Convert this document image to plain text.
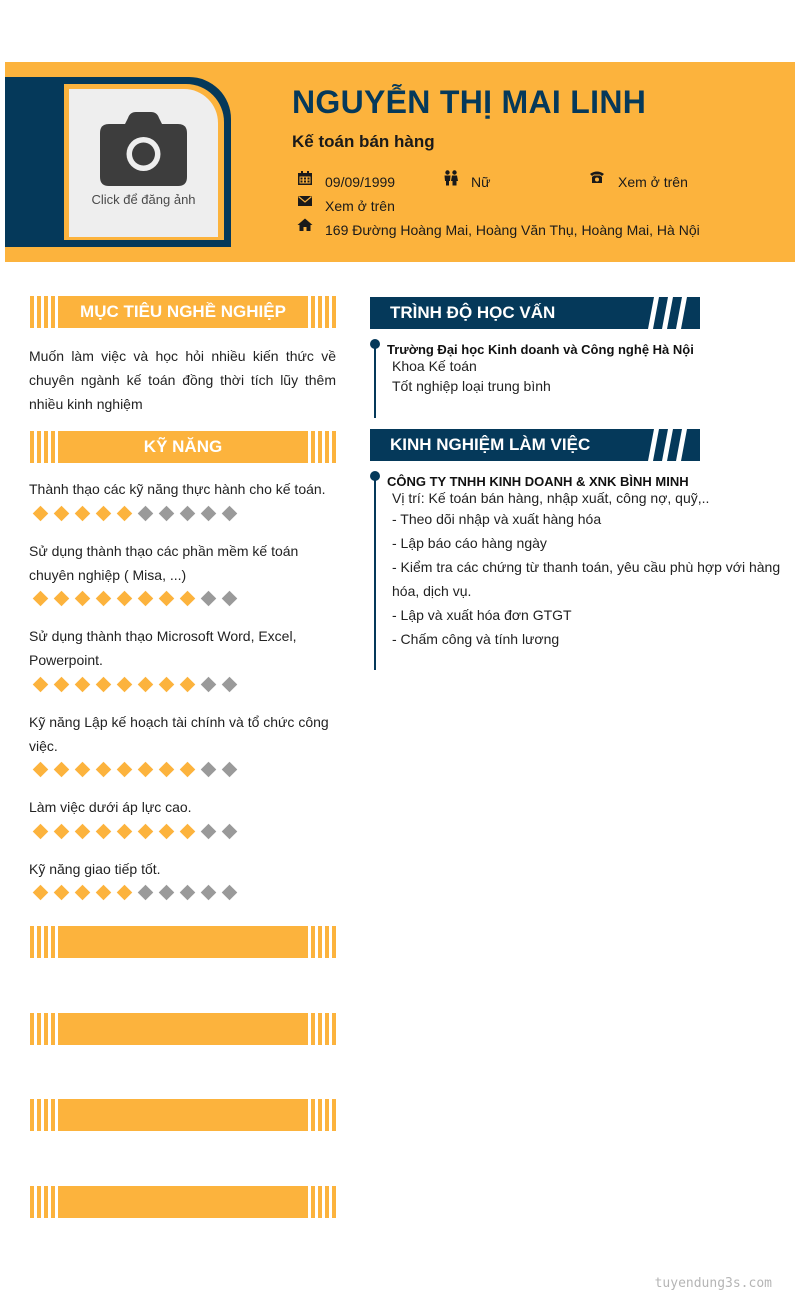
Click để đăng ảnh
NGUYỄN THỊ MAI LINH
Kế toán bán hàng
09/09/1999	Nữ	Xem ở trên
Xem ở trên
169 Đường Hoàng Mai, Hoàng Văn Thụ, Hoàng Mai, Hà Nội
MỤC TIÊU NGHỀ NGHIỆP
Muốn làm việc và học hỏi nhiều kiến thức về chuyên ngành kế toán đồng thời tích lũy thêm nhiều kinh nghiệm
KỸ NĂNG
Thành thạo các kỹ năng thực hành cho kế toán.
Sử dụng thành thạo các phần mềm kế toán chuyên nghiệp ( Misa, ...)
Sử dụng thành thạo Microsoft Word, Excel, Powerpoint.
Kỹ năng Lập kế hoạch tài chính và tổ chức công việc.
Làm việc dưới áp lực cao.
Kỹ năng giao tiếp tốt.
TRÌNH ĐỘ HỌC VẤN
Trường Đại học Kinh doanh và Công nghệ Hà Nội
Khoa Kế toán
Tốt nghiệp loại trung bình
KINH NGHIỆM LÀM VIỆC
CÔNG TY TNHH KINH DOANH & XNK BÌNH MINH
Vị trí: Kế toán bán hàng, nhập xuất, công nợ, quỹ,..
- Theo dõi nhập và xuất hàng hóa
- Lập báo cáo hàng ngày
- Kiểm tra các chứng từ thanh toán, yêu cầu phù hợp với hàng hóa, dịch vụ.
- Lập và xuất hóa đơn GTGT
- Chấm công và tính lương
tuyendung3s.com
